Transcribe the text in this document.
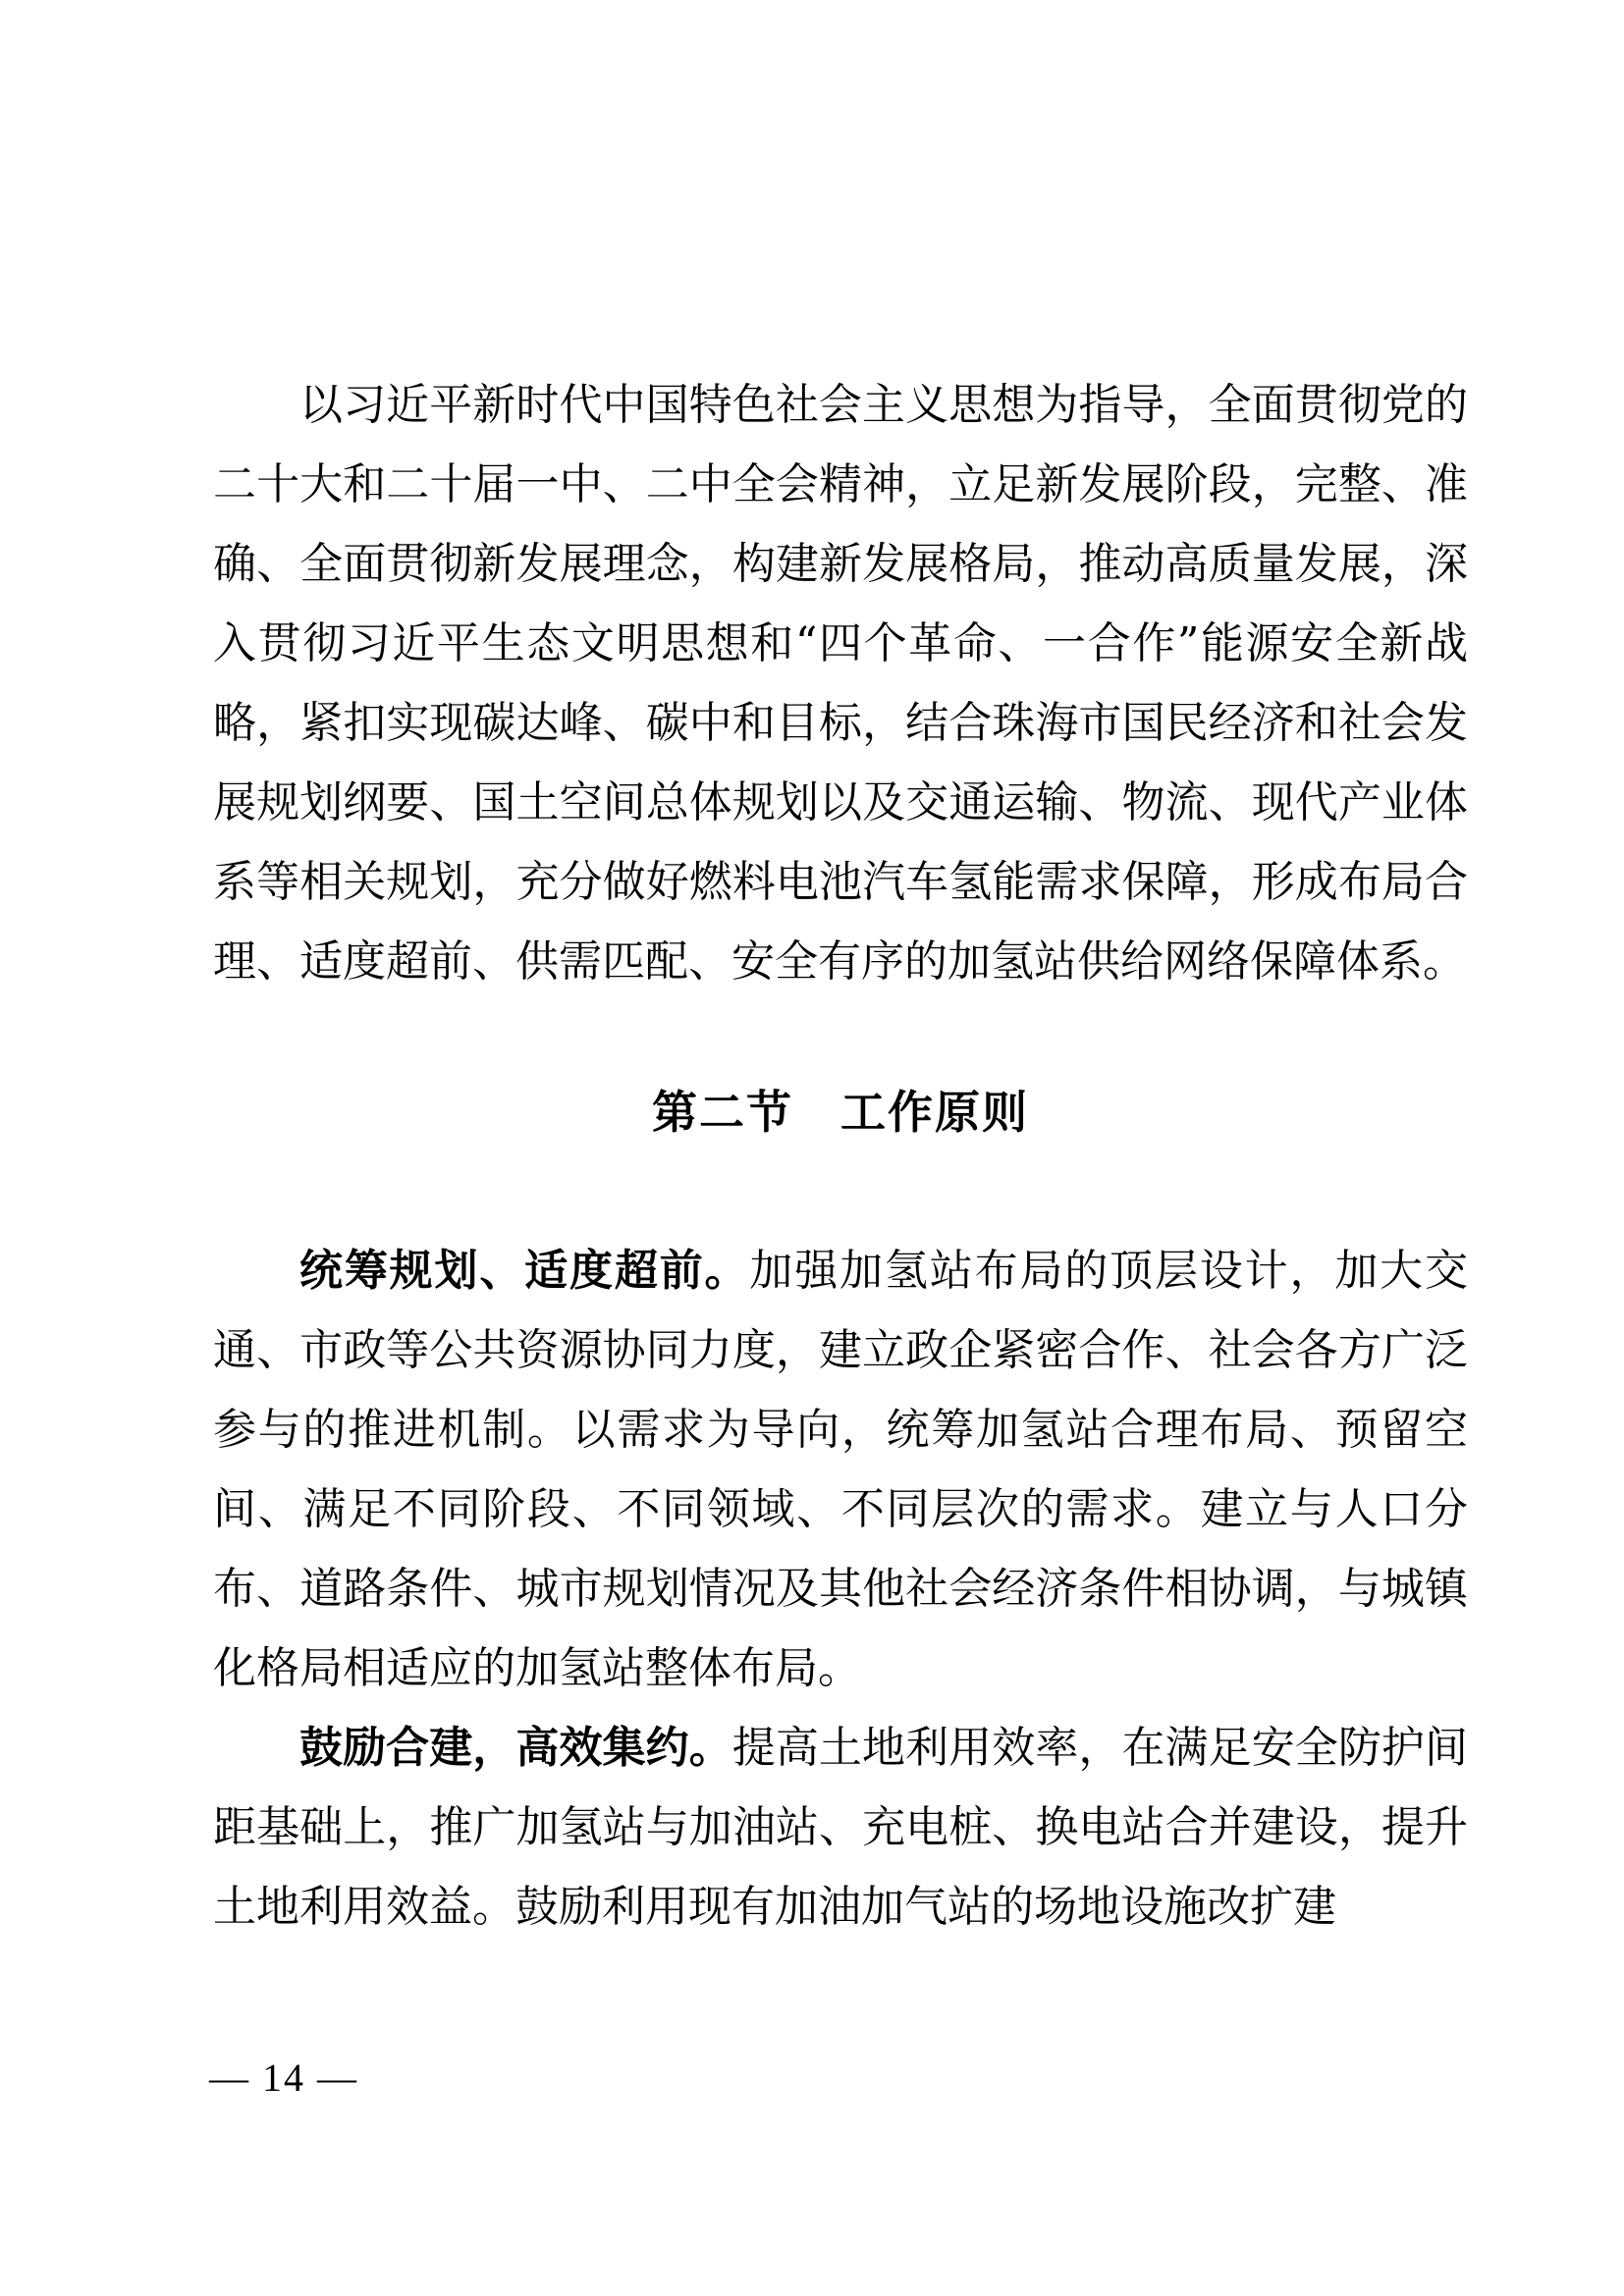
以习近平新时代中国特色社会主义思想为指导，全面贯彻党的二十大和二十届一中、二中全会精神，立足新发展阶段，完整、准确、全面贯彻新发展理念，构建新发展格局，推动高质量发展，深入贯彻习近平生态文明思想和“四个革命、一合作”能源安全新战略，紧扣实现碳达峰、碳中和目标，结合珠海市国民经济和社会发展规划纲要、国土空间总体规划以及交通运输、物流、现代产业体系等相关规划，充分做好燃料电池汽车氢能需求保障，形成布局合理、适度超前、供需匹配、安全有序的加氢站供给网络保障体系。

第二节　工作原则

统筹规划、适度超前。加强加氢站布局的顶层设计，加大交通、市政等公共资源协同力度，建立政企紧密合作、社会各方广泛参与的推进机制。以需求为导向，统筹加氢站合理布局、预留空间、满足不同阶段、不同领域、不同层次的需求。建立与人口分布、道路条件、城市规划情况及其他社会经济条件相协调，与城镇化格局相适应的加氢站整体布局。

鼓励合建，高效集约。提高土地利用效率，在满足安全防护间距基础上，推广加氢站与加油站、充电桩、换电站合并建设，提升土地利用效益。鼓励利用现有加油加气站的场地设施改扩建

— 14 —
